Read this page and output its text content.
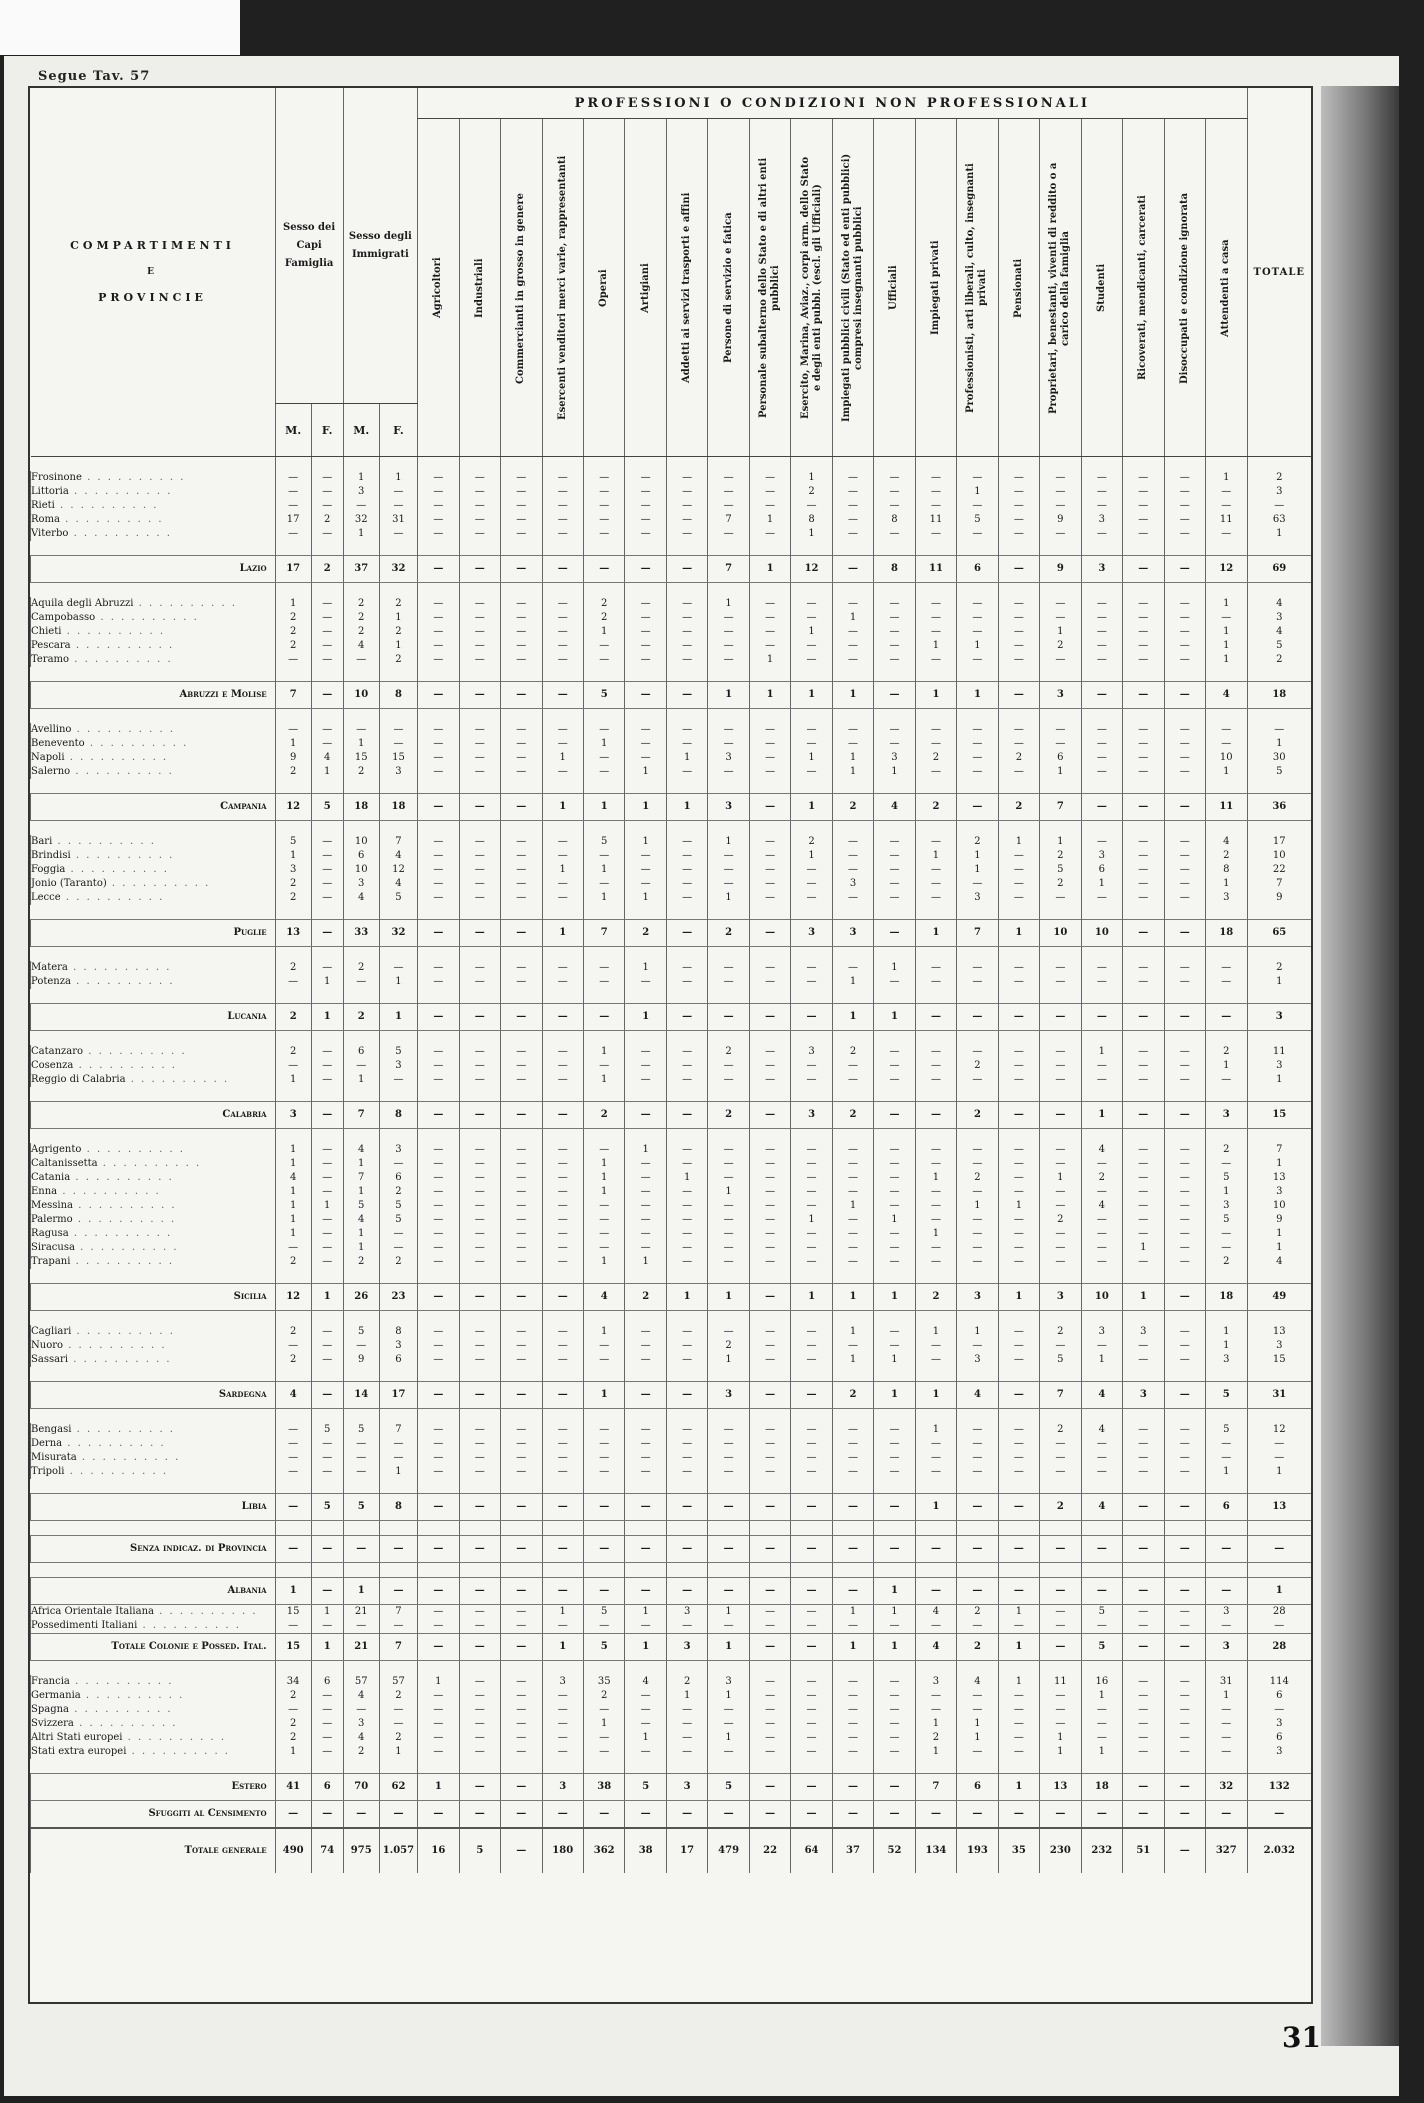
Segue Tav. 57
COMPARTIMENTI
E
PROVINCIE	Sesso dei Capi Famiglia		Sesso degli Immigrati		PROFESSIONI O CONDIZIONI NON PROFESSIONALI																				TOTALE

					Agricoltori	Industriali	Commercianti in grosso in genere	Esercenti venditori merci varie, rappresentanti	Operai	Artigiani	Addetti ai servizi trasporti e affini	Persone di servizio e fatica	Personale subalterno dello Stato e di altri enti pubblici	Esercito, Marina, Aviaz., corpi arm. dello Stato e degli enti pubbl. (escl. gli Ufficiali)	Impiegati pubblici civili (Stato ed enti pubblici) compresi insegnanti pubblici	Ufficiali	Impiegati privati	Professionisti, arti liberali, culto, insegnanti privati	Pensionati	Proprietari, benestanti, viventi di reddito o a carico della famiglia	Studenti	Ricoverati, mendicanti, carcerati	Disoccupati e condizione ignorata	Attendenti a casa	

	M.	F.	M.	F.																					

Frosinone . . . . . . . . . .	—	—	1	1	—	—	—	—	—	—	—	—	—	1	—	—	—	—	—	—	—	—	—	1	2
Littoria . . . . . . . . . .	—	—	3	—	—	—	—	—	—	—	—	—	—	2	—	—	—	1	—	—	—	—	—	—	3
Rieti . . . . . . . . . .	—	—	—	—	—	—	—	—	—	—	—	—	—	—	—	—	—	—	—	—	—	—	—	—	—
Roma . . . . . . . . . .	17	2	32	31	—	—	—	—	—	—	—	7	1	8	—	8	11	5	—	9	3	—	—	11	63
Viterbo . . . . . . . . . .	—	—	1	—	—	—	—	—	—	—	—	—	—	1	—	—	—	—	—	—	—	—	—	—	1

Lazio	17	2	37	32	—	—	—	—	—	—	—	7	1	12	—	8	11	6	—	9	3	—	—	12	69

Aquila degli Abruzzi . . . . . . . . . .	1	—	2	2	—	—	—	—	2	—	—	1	—	—	—	—	—	—	—	—	—	—	—	1	4
Campobasso . . . . . . . . . .	2	—	2	1	—	—	—	—	2	—	—	—	—	—	1	—	—	—	—	—	—	—	—	—	3
Chieti . . . . . . . . . .	2	—	2	2	—	—	—	—	1	—	—	—	—	1	—	—	—	—	—	1	—	—	—	1	4
Pescara . . . . . . . . . .	2	—	4	1	—	—	—	—	—	—	—	—	—	—	—	—	1	1	—	2	—	—	—	1	5
Teramo . . . . . . . . . .	—	—	—	2	—	—	—	—	—	—	—	—	1	—	—	—	—	—	—	—	—	—	—	1	2

Abruzzi e Molise	7	—	10	8	—	—	—	—	5	—	—	1	1	1	1	—	1	1	—	3	—	—	—	4	18

Avellino . . . . . . . . . .	—	—	—	—	—	—	—	—	—	—	—	—	—	—	—	—	—	—	—	—	—	—	—	—	—
Benevento . . . . . . . . . .	1	—	1	—	—	—	—	—	1	—	—	—	—	—	—	—	—	—	—	—	—	—	—	—	1
Napoli . . . . . . . . . .	9	4	15	15	—	—	—	1	—	—	1	3	—	1	1	3	2	—	2	6	—	—	—	10	30
Salerno . . . . . . . . . .	2	1	2	3	—	—	—	—	—	1	—	—	—	—	1	1	—	—	—	1	—	—	—	1	5

Campania	12	5	18	18	—	—	—	1	1	1	1	3	—	1	2	4	2	—	2	7	—	—	—	11	36

Bari . . . . . . . . . .	5	—	10	7	—	—	—	—	5	1	—	1	—	2	—	—	—	2	1	1	—	—	—	4	17
Brindisi . . . . . . . . . .	1	—	6	4	—	—	—	—	—	—	—	—	—	1	—	—	1	1	—	2	3	—	—	2	10
Foggia . . . . . . . . . .	3	—	10	12	—	—	—	1	1	—	—	—	—	—	—	—	—	1	—	5	6	—	—	8	22
Jonio (Taranto) . . . . . . . . . .	2	—	3	4	—	—	—	—	—	—	—	—	—	—	3	—	—	—	—	2	1	—	—	1	7
Lecce . . . . . . . . . .	2	—	4	5	—	—	—	—	1	1	—	1	—	—	—	—	—	3	—	—	—	—	—	3	9

Puglie	13	—	33	32	—	—	—	1	7	2	—	2	—	3	3	—	1	7	1	10	10	—	—	18	65

Matera . . . . . . . . . .	2	—	2	—	—	—	—	—	—	1	—	—	—	—	—	1	—	—	—	—	—	—	—	—	2
Potenza . . . . . . . . . .	—	1	—	1	—	—	—	—	—	—	—	—	—	—	1	—	—	—	—	—	—	—	—	—	1

Lucania	2	1	2	1	—	—	—	—	—	1	—	—	—	—	1	1	—	—	—	—	—	—	—	—	3

Catanzaro . . . . . . . . . .	2	—	6	5	—	—	—	—	1	—	—	2	—	3	2	—	—	—	—	—	1	—	—	2	11
Cosenza . . . . . . . . . .	—	—	—	3	—	—	—	—	—	—	—	—	—	—	—	—	—	2	—	—	—	—	—	1	3
Reggio di Calabria . . . . . . . . . .	1	—	1	—	—	—	—	—	1	—	—	—	—	—	—	—	—	—	—	—	—	—	—	—	1

Calabria	3	—	7	8	—	—	—	—	2	—	—	2	—	3	2	—	—	2	—	—	1	—	—	3	15

Agrigento . . . . . . . . . .	1	—	4	3	—	—	—	—	—	1	—	—	—	—	—	—	—	—	—	—	4	—	—	2	7
Caltanissetta . . . . . . . . . .	1	—	1	—	—	—	—	—	1	—	—	—	—	—	—	—	—	—	—	—	—	—	—	—	1
Catania . . . . . . . . . .	4	—	7	6	—	—	—	—	1	—	1	—	—	—	—	—	1	2	—	1	2	—	—	5	13
Enna . . . . . . . . . .	1	—	1	2	—	—	—	—	1	—	—	1	—	—	—	—	—	—	—	—	—	—	—	1	3
Messina . . . . . . . . . .	1	1	5	5	—	—	—	—	—	—	—	—	—	—	1	—	—	1	1	—	4	—	—	3	10
Palermo . . . . . . . . . .	1	—	4	5	—	—	—	—	—	—	—	—	—	1	—	1	—	—	—	2	—	—	—	5	9
Ragusa . . . . . . . . . .	1	—	1	—	—	—	—	—	—	—	—	—	—	—	—	—	1	—	—	—	—	—	—	—	1
Siracusa . . . . . . . . . .	—	—	1	—	—	—	—	—	—	—	—	—	—	—	—	—	—	—	—	—	—	1	—	—	1
Trapani . . . . . . . . . .	2	—	2	2	—	—	—	—	1	1	—	—	—	—	—	—	—	—	—	—	—	—	—	2	4

Sicilia	12	1	26	23	—	—	—	—	4	2	1	1	—	1	1	1	2	3	1	3	10	1	—	18	49

Cagliari . . . . . . . . . .	2	—	5	8	—	—	—	—	1	—	—	—	—	—	1	—	1	1	—	2	3	3	—	1	13
Nuoro . . . . . . . . . .	—	—	—	3	—	—	—	—	—	—	—	2	—	—	—	—	—	—	—	—	—	—	—	1	3
Sassari . . . . . . . . . .	2	—	9	6	—	—	—	—	—	—	—	1	—	—	1	1	—	3	—	5	1	—	—	3	15

Sardegna	4	—	14	17	—	—	—	—	1	—	—	3	—	—	2	1	1	4	—	7	4	3	—	5	31

Bengasi . . . . . . . . . .	—	5	5	7	—	—	—	—	—	—	—	—	—	—	—	—	1	—	—	2	4	—	—	5	12
Derna . . . . . . . . . .	—	—	—	—	—	—	—	—	—	—	—	—	—	—	—	—	—	—	—	—	—	—	—	—	—
Misurata . . . . . . . . . .	—	—	—	—	—	—	—	—	—	—	—	—	—	—	—	—	—	—	—	—	—	—	—	—	—
Tripoli . . . . . . . . . .	—	—	—	1	—	—	—	—	—	—	—	—	—	—	—	—	—	—	—	—	—	—	—	1	1

Libia	—	5	5	8	—	—	—	—	—	—	—	—	—	—	—	—	1	—	—	2	4	—	—	6	13

Senza indicaz. di Provincia	—	—	—	—	—	—	—	—	—	—	—	—	—	—	—	—	—	—	—	—	—	—	—	—	—

Albania	1	—	1	—	—	—	—	—	—	—	—	—	—	—	—	1	—	—	—	—	—	—	—	—	1
Africa Orientale Italiana . . . . . . . . . .	15	1	21	7	—	—	—	1	5	1	3	1	—	—	1	1	4	2	1	—	5	—	—	3	28
Possedimenti Italiani . . . . . . . . . .	—	—	—	—	—	—	—	—	—	—	—	—	—	—	—	—	—	—	—	—	—	—	—	—	—
Totale Colonie e Possed. Ital.	15	1	21	7	—	—	—	1	5	1	3	1	—	—	1	1	4	2	1	—	5	—	—	3	28

Francia . . . . . . . . . .	34	6	57	57	1	—	—	3	35	4	2	3	—	—	—	—	3	4	1	11	16	—	—	31	114
Germania . . . . . . . . . .	2	—	4	2	—	—	—	—	2	—	1	1	—	—	—	—	—	—	—	—	1	—	—	1	6
Spagna . . . . . . . . . .	—	—	—	—	—	—	—	—	—	—	—	—	—	—	—	—	—	—	—	—	—	—	—	—	—
Svizzera . . . . . . . . . .	2	—	3	—	—	—	—	—	1	—	—	—	—	—	—	—	1	1	—	—	—	—	—	—	3
Altri Stati europei . . . . . . . . . .	2	—	4	2	—	—	—	—	—	1	—	1	—	—	—	—	2	1	—	1	—	—	—	—	6
Stati extra europei . . . . . . . . . .	1	—	2	1	—	—	—	—	—	—	—	—	—	—	—	—	1	—	—	1	1	—	—	—	3

Estero	41	6	70	62	1	—	—	3	38	5	3	5	—	—	—	—	7	6	1	13	18	—	—	32	132
Sfuggiti al Censimento	—	—	—	—	—	—	—	—	—	—	—	—	—	—	—	—	—	—	—	—	—	—	—	—	—
Totale generale	490	74	975	1.057	16	5	—	180	362	38	17	479	22	64	37	52	134	193	35	230	232	51	—	327	2.032
31
